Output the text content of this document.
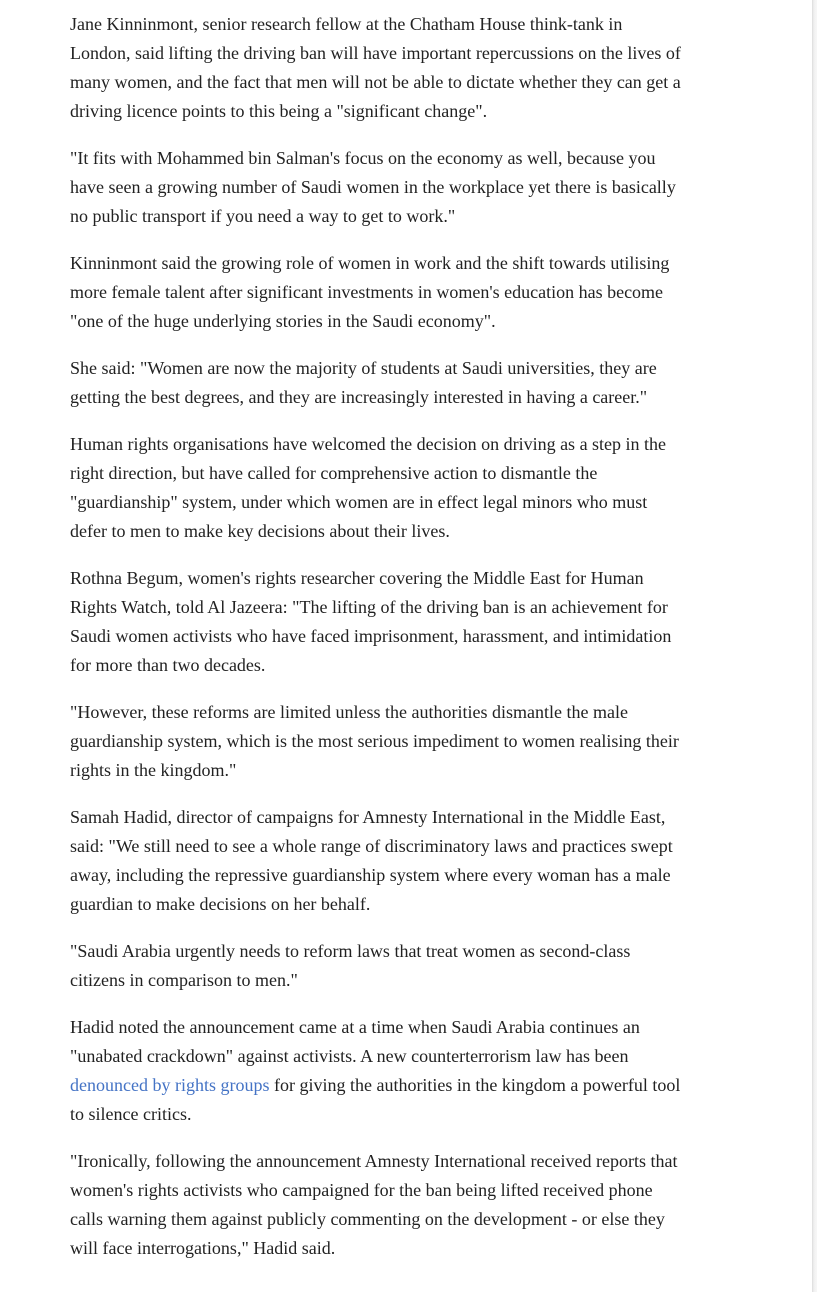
Jane Kinninmont, senior research fellow at the Chatham House think-tank in
London, said lifting the driving ban will have important repercussions on the lives of
many women, and the fact that men will not be able to dictate whether they can get a
driving licence points to this being a "significant change".

"It fits with Mohammed bin Salman's focus on the economy as well, because you
have seen a growing number of Saudi women in the workplace yet there is basically
no public transport if you need a way to get to work."

Kinninmont said the growing role of women in work and the shift towards utilising
more female talent after significant investments in women's education has become
"one of the huge underlying stories in the Saudi economy".

She said: "Women are now the majority of students at Saudi universities, they are
getting the best degrees, and they are increasingly interested in having a career."

Human rights organisations have welcomed the decision on driving as a step in the
right direction, but have called for comprehensive action to dismantle the
"guardianship" system, under which women are in effect legal minors who must
defer to men to make key decisions about their lives.

Rothna Begum, women's rights researcher covering the Middle East for Human
Rights Watch, told Al Jazeera: "The lifting of the driving ban is an achievement for
Saudi women activists who have faced imprisonment, harassment, and intimidation
for more than two decades.

"However, these reforms are limited unless the authorities dismantle the male
guardianship system, which is the most serious impediment to women realising their
rights in the kingdom."

Samah Hadid, director of campaigns for Amnesty International in the Middle East,
said: "We still need to see a whole range of discriminatory laws and practices swept
away, including the repressive guardianship system where every woman has a male
guardian to make decisions on her behalf.

"Saudi Arabia urgently needs to reform laws that treat women as second-class
citizens in comparison to men."

Hadid noted the announcement came at a time when Saudi Arabia continues an
"unabated crackdown" against activists. A new counterterrorism law has been
denounced by rights groups for giving the authorities in the kingdom a powerful tool
to silence critics.

"Ironically, following the announcement Amnesty International received reports that
women's rights activists who campaigned for the ban being lifted received phone
calls warning them against publicly commenting on the development - or else they
will face interrogations," Hadid said.
